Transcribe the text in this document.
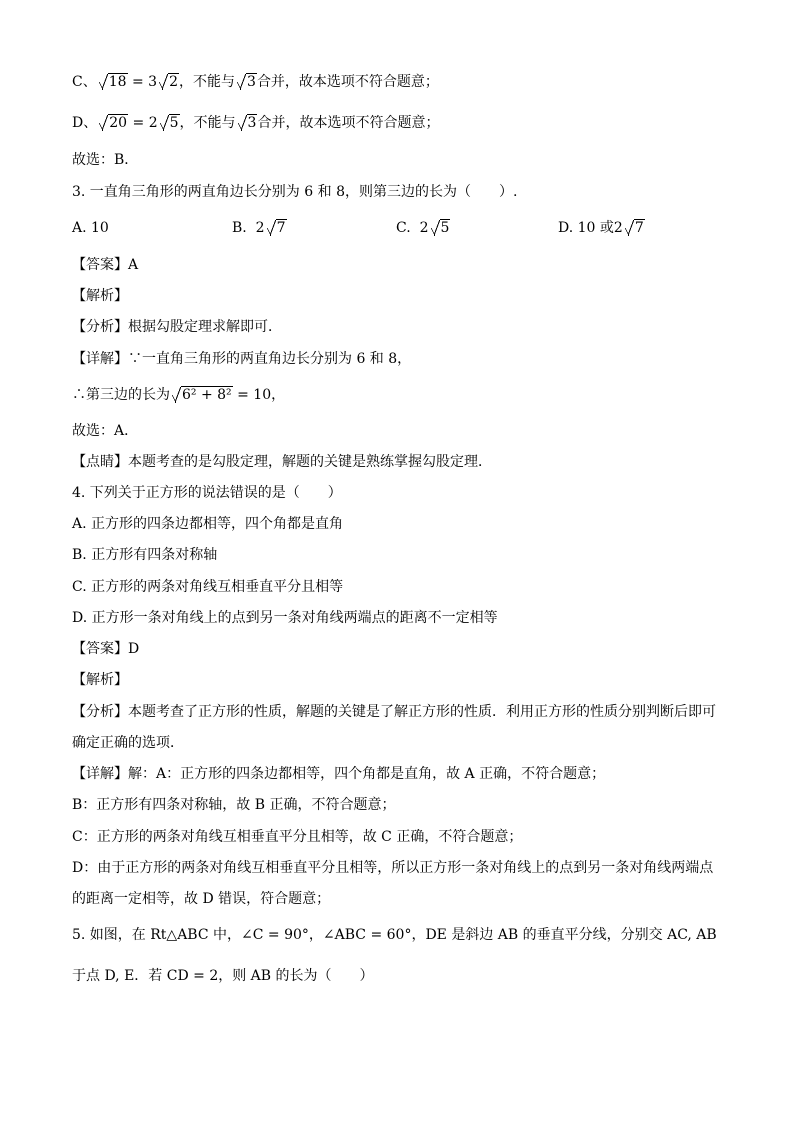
C、 18 = 3 2，不能与 3合并，故本选项不符合题意；
D、 20 = 2 5，不能与 3合并，故本选项不符合题意；
故选：B．
3. 一直角三角形的两直角边长分别为 6 和 8，则第三边的长为（　　）.
A. 10	B. 2 7	C. 2 5	D. 10 或2 7
【答案】A
【解析】
【分析】根据勾股定理求解即可．
【详解】∵一直角三角形的两直角边长分别为 6 和 8，
∴第三边的长为 6² + 8² = 10，
故选：A．
【点睛】本题考查的是勾股定理，解题的关键是熟练掌握勾股定理．
4. 下列关于正方形的说法错误的是（　　）
A. 正方形的四条边都相等，四个角都是直角
B. 正方形有四条对称轴
C. 正方形的两条对角线互相垂直平分且相等
D. 正方形一条对角线上的点到另一条对角线两端点的距离不一定相等
【答案】D
【解析】
【分析】本题考查了正方形的性质，解题的关键是了解正方形的性质．利用正方形的性质分别判断后即可
确定正确的选项．
【详解】解：A：正方形的四条边都相等，四个角都是直角，故 A 正确，不符合题意；
B：正方形有四条对称轴，故 B 正确，不符合题意；
C：正方形的两条对角线互相垂直平分且相等，故 C 正确，不符合题意；
D：由于正方形的两条对角线互相垂直平分且相等，所以正方形一条对角线上的点到另一条对角线两端点
的距离一定相等，故 D 错误，符合题意；
5. 如图，在 Rt△ABC 中，∠C = 90°，∠ABC = 60°，DE 是斜边 AB 的垂直平分线，分别交 AC, AB
于点 D, E．若 CD = 2，则 AB 的长为（　　）
